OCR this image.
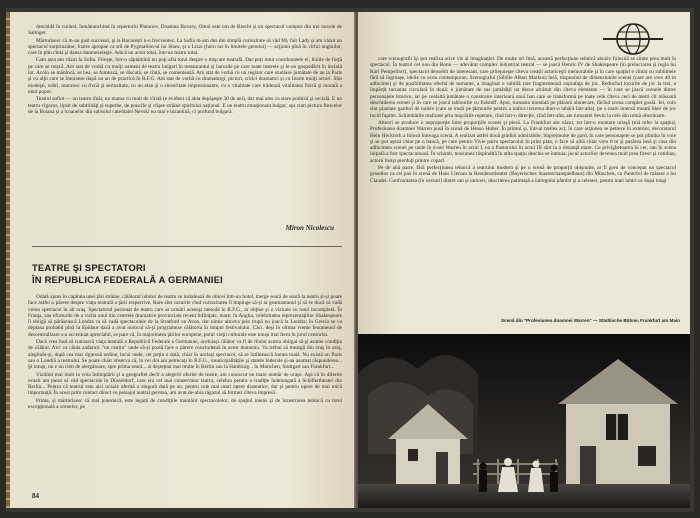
deschidă în curând, înmănunchind în repertoriu Platonov, Doamna Bovary, Omul este om de Brecht şi un spectacol compus din trei nuvele de Salinger.

Mărturisesc că m-au gust succesul, şi la Bucureşti n-o frecventez. La Sofia m-am dus din simplă curiozitate să văd My fair Lady şi am văzut un spectacol surprinzător, foarte apropae ca stil de Pygmalion-ul lui Shaw, şi o Lizzi (horo rar în limitele genului) — acţiunii pînă în vîrful unghiilor, care în plin cînta şi dansa dumnezeieşte. Adică un actor total, într-un teatru total.

Cam asta am văzut la Sofia. Fireşte, într-o săptămînă nu poţi afla totul despre o mişcare teatrală. Dar poţi intui coordonatele ei, liniile de forţă pe care se mişcă. Am stat de vorbă cu mulţi oameni de teatru bulgari în restaurantul şi barurile pe care toate teatrele şi le-au gospodărit în incintă lor. Acolo se mănîncă, se bea, se fumează, se discută, se cîntă, se comentează. Am stat de vorbă cu un regizor care studiase jumătate de an la Paris şi cu alţii care se întorsese după un an de practică în R.F.G. Am stat de vorbă cu dramaturgi, pictori, critici dramatici şi cu foarte mulţi actori. Sînt modeşti, sobri, muncesc cu rîvnă şi seriozitate, cu un elan şi o sinceritate impresionante, cu o vitalitate care trădează vitalitatea fizică şi morală a unui popor.

Teatrul sofiot — un teatru tînăr, nu mama cu mult de vîrstă (e evident că abia depăşeşte 30 de ani), dar mai ales cu stare politică şi socială. E un teatru vigoros, lipsit de subtilităţi şi superbe, de poncife şi clişee străine spiritului naţional. E un teatru emoţionant bulgar, aşa cum pictura frescelor de la Boiana şi a icoanelor din subsolul catedralei Nevski nu mai e bizantină, ci profund bulgară.

Miron Nicolescu
TEATRE ŞI SPECTATORI
ÎN REPUBLICA FEDERALĂ A GERMANIEI

Odată ajuns în capitala unei ţări străine, călătorul iubitor de teatru se instalează de obicei într-un hotel, merge seară de seară la teatru şi-şi poate face astfel o părere despre viaţa teatrală a ţării respective. Rare sînt cazurile cînd curiozitatea îl împinge să-şi ia geamantanul şi să se ducă să vadă vreun spectacol în alt oraş. Spectatorul pasionat de teatru care ar urmări aceeaşi metodă în R.F.G., ar obţine şi o viziune cu totul incompletă. În Franţa, sau eforturile de a vizita unul din centrele dramatice provinciale recent înfiinţate, mare; în Anglia, celebritatea reprezentaţiilor Shakespeare îl obligă să părăsească Londra ca să vadă spectacolele de la Stratford on Avon, dar nimic altceva prin trupă nu joacă la Londra; în Grecia se va deplasa probabil pînă la Epidaur dacă a avut norocul să-şi programeze călătoria în timpul festivalului. Căci, deşi în ultima vreme fenomenul de descentralizare s-a accentuat apreciabil, se pare că, în majoritatea ţărilor europene, polul vieţii culturale este totuşi mai ferm în jurul centrului.

Dacă vrea însă să cunoască viaţa teatrală a Republicii Federale a Germaniei, aceluiaşi călător va fi de rîndul acesta obligat să-şi asume condiţia de călător. Aici va căuta zadarnic "un centru" unde să-şi poată face o părere concludentă în acest domeniu. Va trebui să meargă din oraş în oraş, alegîndu-şi, după cea mai rigurosă ordine, locul unde, cel puţin o dată, chiar în acelaşi spectacol, să se întîlnească lumea toată. Nu există un Paris sau o Londră a teatrului. Se poate chiar observa că, în cei doi ani petrecuţi în R.F.G., municipalităţile şi statele federale şi-au asumat răspunderea... Şi totuşi, nu e un ritm de alergătoare, spre prima seară... ai deşteptat mai multe în Berlin sau la Hamburg... în Munchen, Stuttgart sau Frankfurt...

Vizitînd mai mult la voia întîmplării şi a geografiei decît a alegerii oferite de teatre, am cunoscut un mare număr de oraşe. Aşa că în diferite ocazii am putut să văd spectacole în Düsseldorf, care era cel mai conservator teatru, celebru pentru o tradiţie îndelungată a Schillertheater din Berlin... Pentru că teatrul este aici ocazie oferită o singură dată pe an, pentru cele mai mari opere dramatice, dar şi pentru opere de mai mică importanţă. În acest prim contact direct cu peisajul teatral german, am avut de-abia răgazul să formez cîteva impresii.

Prima, şi mărturisesc că mai puternică, este legată de condiţiile montării spectacolelor, de spaţiul imens şi de înzestrarea tehnică cu totul excepţională a scenelor, pe

84

care scenografii îşi pot realiza orice vis al imaginaţiei. De multe ori însă, această perfecţiune tehnică abuziv folosită se simte prea mult în spectacol. În teatrul cel nou din Bonn — adevărat complex industrial teatral — se joacă Henric IV de Shakespeare (în prelucrarea şi regia lui Karl Pempelfort), spectacol deosebit de interesant, care prilejuieşte citeva creaţii actoriceşti memorabile şi în care spaţiul e cîntat cu sublimele fără să îngroaşe, ideile cu ecou contemporan. Scenograful (Sibille Alken Markus) însă, dispunînd de dimensiunile scenei (care are vreo 40 m adîncime) şi de posibilitatea oferită de turnante, a imaginat o subtilă rare fragmentează suprafaţa de joc. Reducînd locurile de joc la trei, a împărţit turnanta circulară în două: o jumătate de sus jumătăţii un decor alcătuit din cîteva elemente — în care se joacă scenele dintre personajele istorice, iar pe cealaltă jumătate o construire interioară unui han care se transformă pe toate cele cîteva ceci de metri cît măsoară deschiderea scenei şi în care se joacă tablourile cu Falstaff. Apoi, turnanta montată pe plăsară alunecare, făcînd scena complet goală. Iei, colo sînt plantate gardurî de nuiele (care se mută pe ţărmurile pentru a indica trecerea dintr-o tabără într-alta), pe o mare imensă tratată liber de joc lucid fupitei. Schimbările realizate prin mişcările repetate, cînd într-o direcţie, cînd într-alta, ale turnantei devin la cele din urmă obositoare.

Alteori se produce o neproporţie între proporţiile scenei şi piesă. La Frankfurt am văzut, tot într-o montare uriaşă (mă refer la spaţiu), Profesiunea doamnei Warren pusă în scenă de Hesso Huber. În primul şi, într-al treilea act, în care acţiunea se petrece în exterior, decoratorul Hein Heckroth a folosit întreaga scenă. A realizat astfel două grădini admirabile, împrejmuite de gard, în care personajele se pot plimba în voie şi se pot aşeza chiar pe o bancă, pe care pentru Vivie patru spectacolul în prim plan, o face să aibă chiar vreo 8 m şi pasărea însă şi casa din adîncimea scenei pe unde în d-nei Warren în actul I, ea a Pastorului în actul III sînt la o distanţă mare. Ce privighetoarea în cer, sau în scena iniţială a fost spectaculoasă. În schimb, tensiunea răspîndită în atîta spaţiu deschis se înmuia, jocul actorilor devenea mult prea firesc şi cotidian, actorii însişi pierduţi printre copaci.

Pe de altă parte, fără perfecţiunea tehnică a teatrului modern şi pe o scenă de proporţii obişnuite, ar fi greu de conceput un spectacol grandios ca cel pus în scenă de Hans Lietzau la Residenztheater (Bayerisches Staatsschauspielhaus) din München, cu Pantoful de mătase a lui Claudel. Confruntarea (în versuri) dintre om şi univers, descrierea patimaşă a întregului pămînt şi a celestei, pentru unei iubiri ce după lungi

Scenă din "Profesiunea doamnei Warren" — Städtische Bühne, Frankfurt am Main
